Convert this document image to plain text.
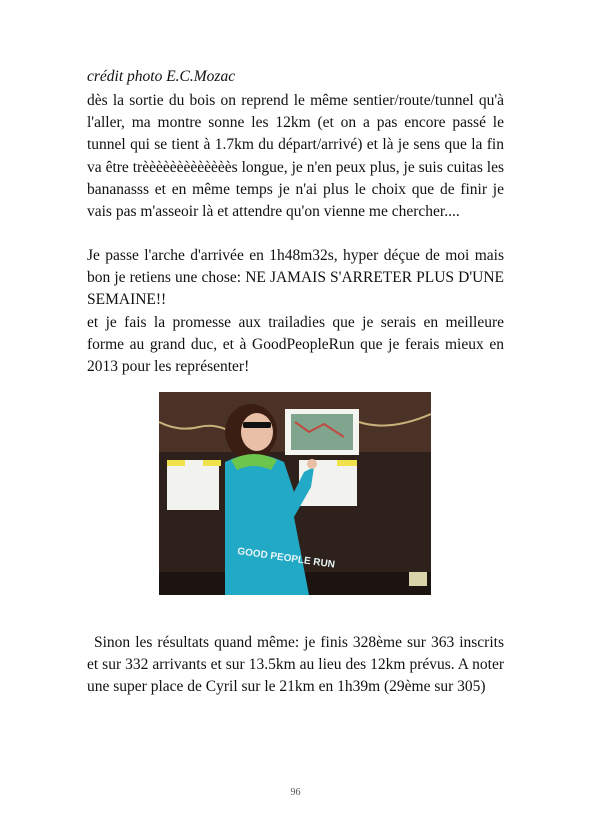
crédit photo E.C.Mozac

dès la sortie du bois on reprend le même sentier/route/tunnel qu'à l'aller, ma montre sonne les 12km (et on a pas encore passé le tunnel qui se tient à 1.7km du départ/arrivé) et là je sens que la fin va être trèèèèèèèèèèèèès longue, je n'en peux plus, je suis cuitas les bananasss et en même temps je n'ai plus le choix que de finir je vais pas m'asseoir là et attendre qu'on vienne me chercher....

Je passe l'arche d'arrivée en 1h48m32s, hyper déçue de moi mais bon je retiens une chose: NE JAMAIS S'ARRETER PLUS D'UNE SEMAINE!!

et je fais la promesse aux trailadies que je serais en meilleure forme au grand duc, et à GoodPeopleRun que je ferais mieux en 2013 pour les représenter!

GOOD PEOPLE RUN

Sinon les résultats quand même: je finis 328ème sur 363 inscrits et sur 332 arrivants et sur 13.5km au lieu des 12km prévus. A noter une super place de Cyril sur le 21km en 1h39m (29ème sur 305)

96
